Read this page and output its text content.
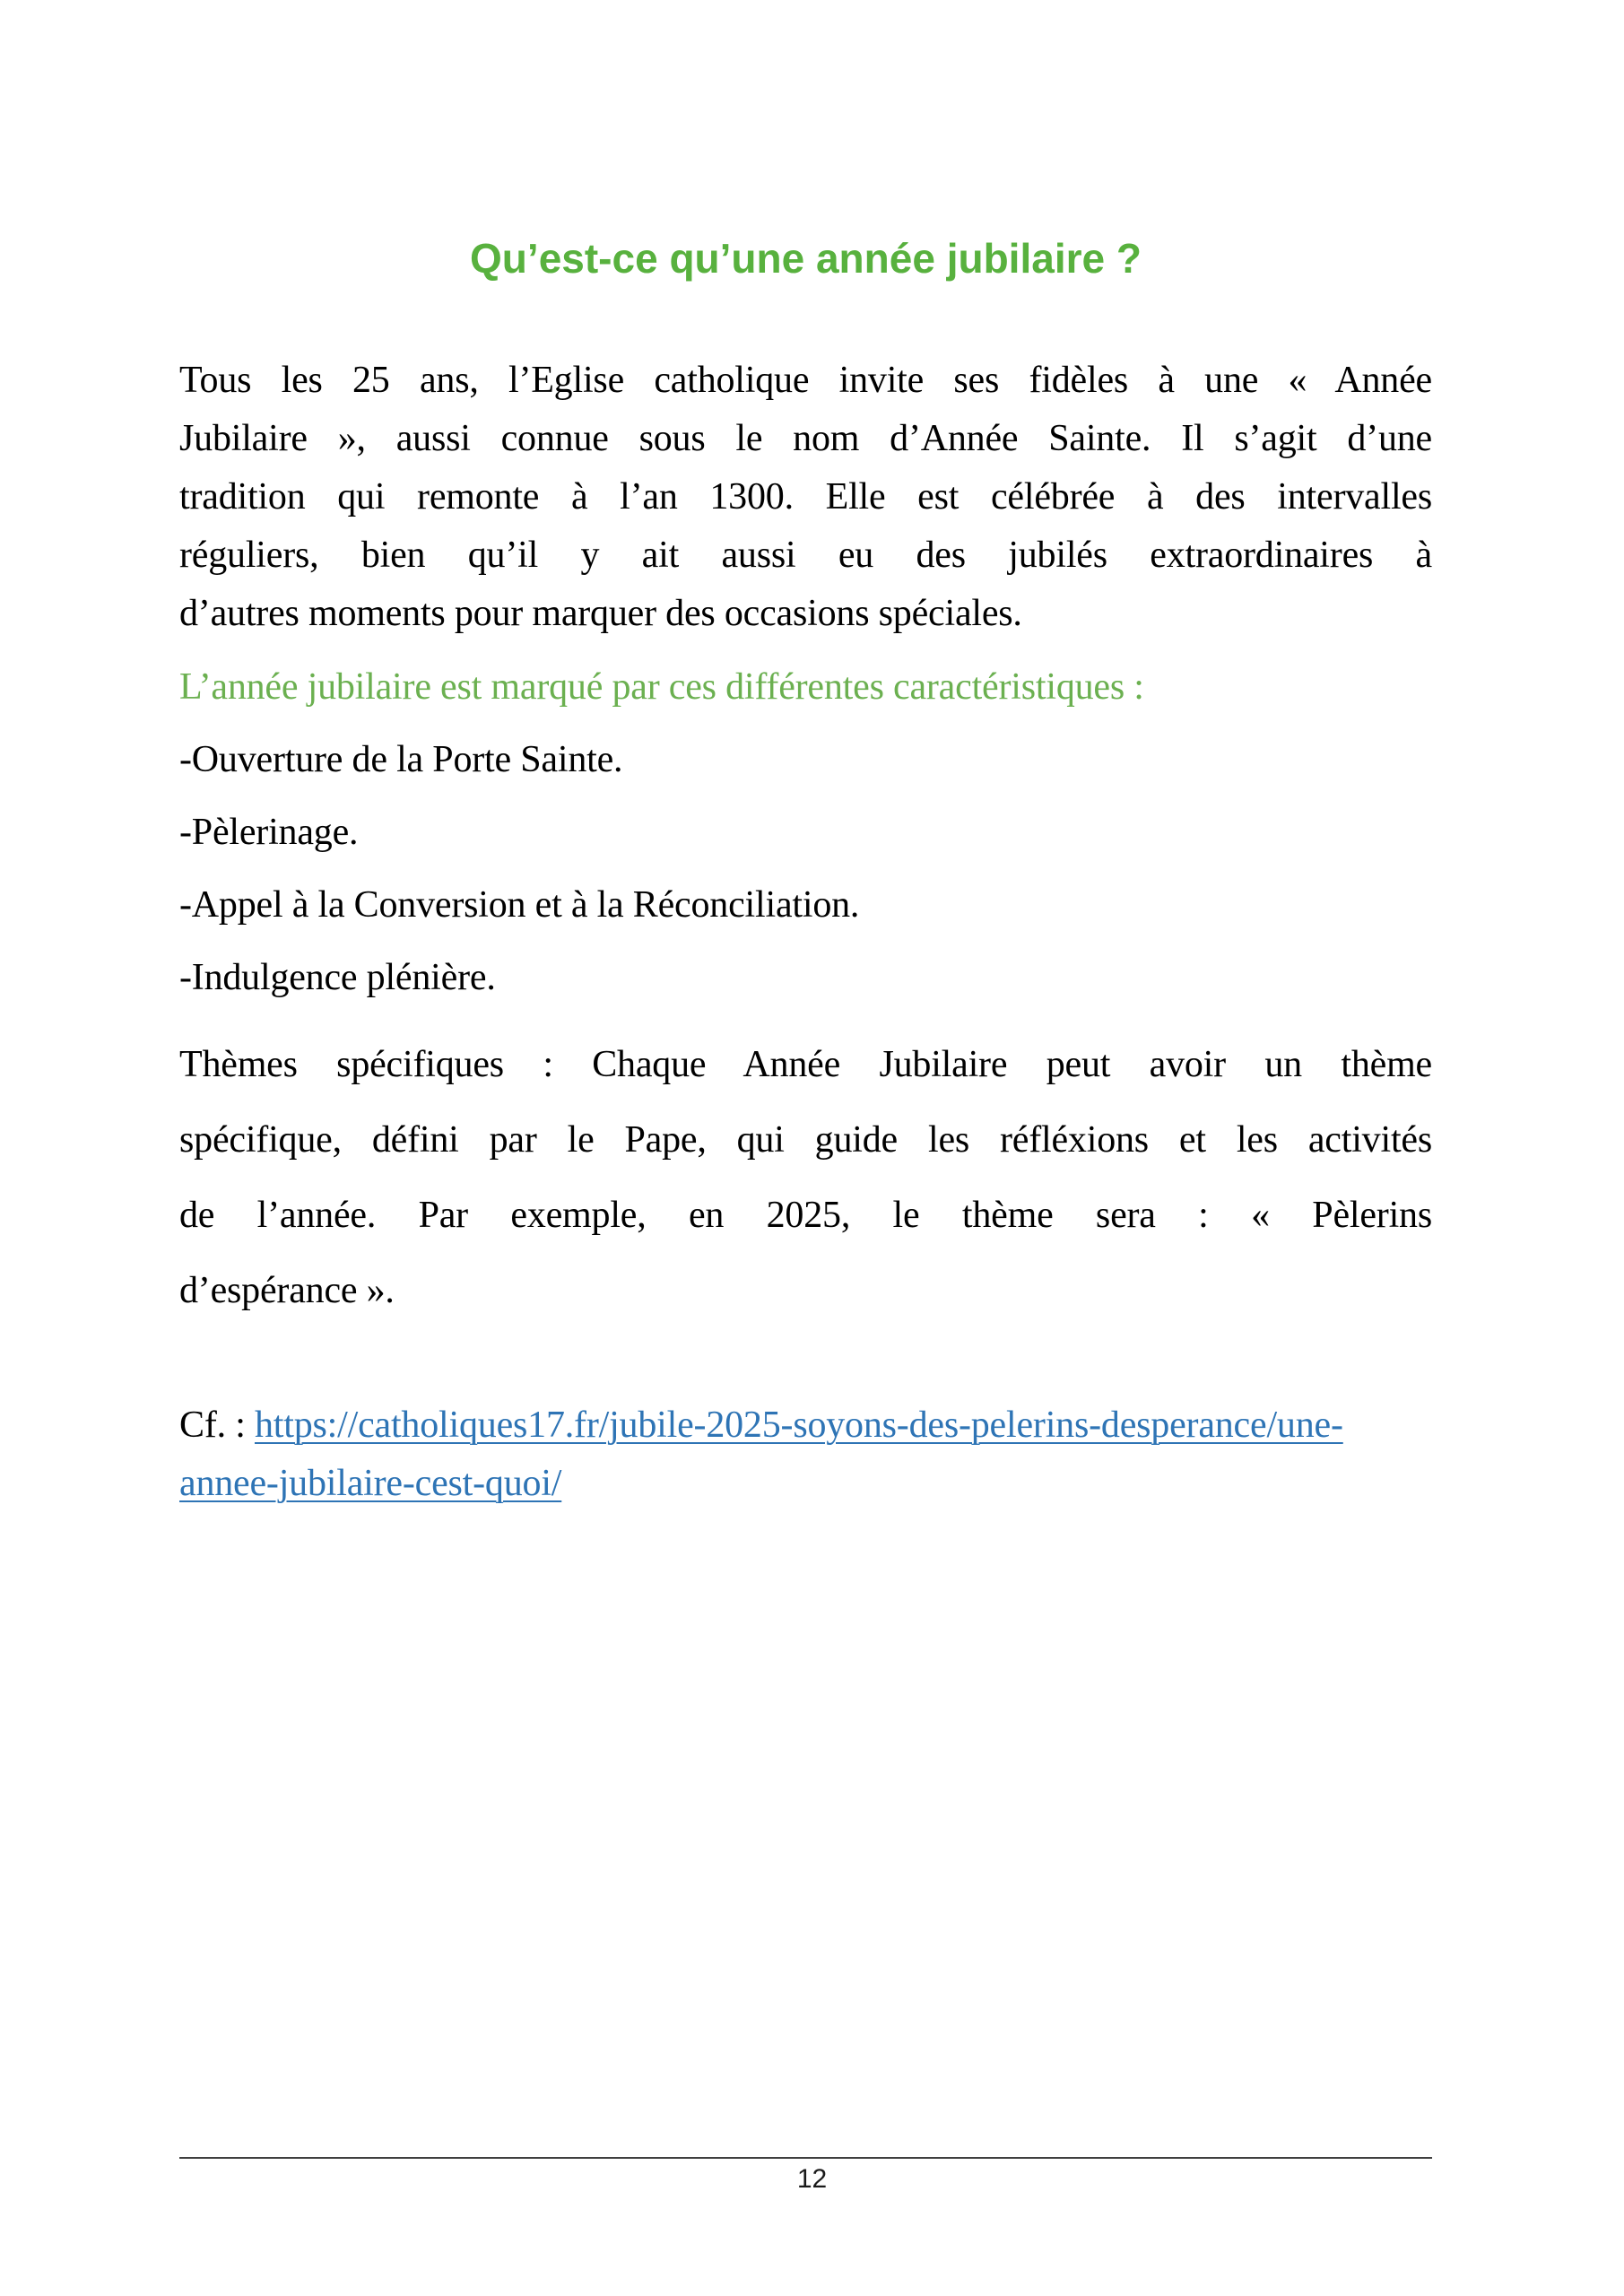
Qu’est-ce qu’une année jubilaire ?
Tous les 25 ans, l’Eglise catholique invite ses fidèles à une « Année
Jubilaire », aussi connue sous le nom d’Année Sainte. Il s’agit d’une
tradition qui remonte à l’an 1300. Elle est célébrée à des intervalles
réguliers, bien qu’il y ait aussi eu des jubilés extraordinaires à
d’autres moments pour marquer des occasions spéciales.

L’année jubilaire est marqué par ces différentes caractéristiques :

-Ouverture de la Porte Sainte.

-Pèlerinage.

-Appel à la Conversion et à la Réconciliation.

-Indulgence plénière.

Thèmes spécifiques : Chaque Année Jubilaire peut avoir un thème
spécifique, défini par le Pape, qui guide les réfléxions et les activités
de l’année. Par exemple, en 2025, le thème sera : « Pèlerins
d’espérance ».

Cf. : https://catholiques17.fr/jubile-2025-soyons-des-pelerins-desperance/une-
annee-jubilaire-cest-quoi/

12
